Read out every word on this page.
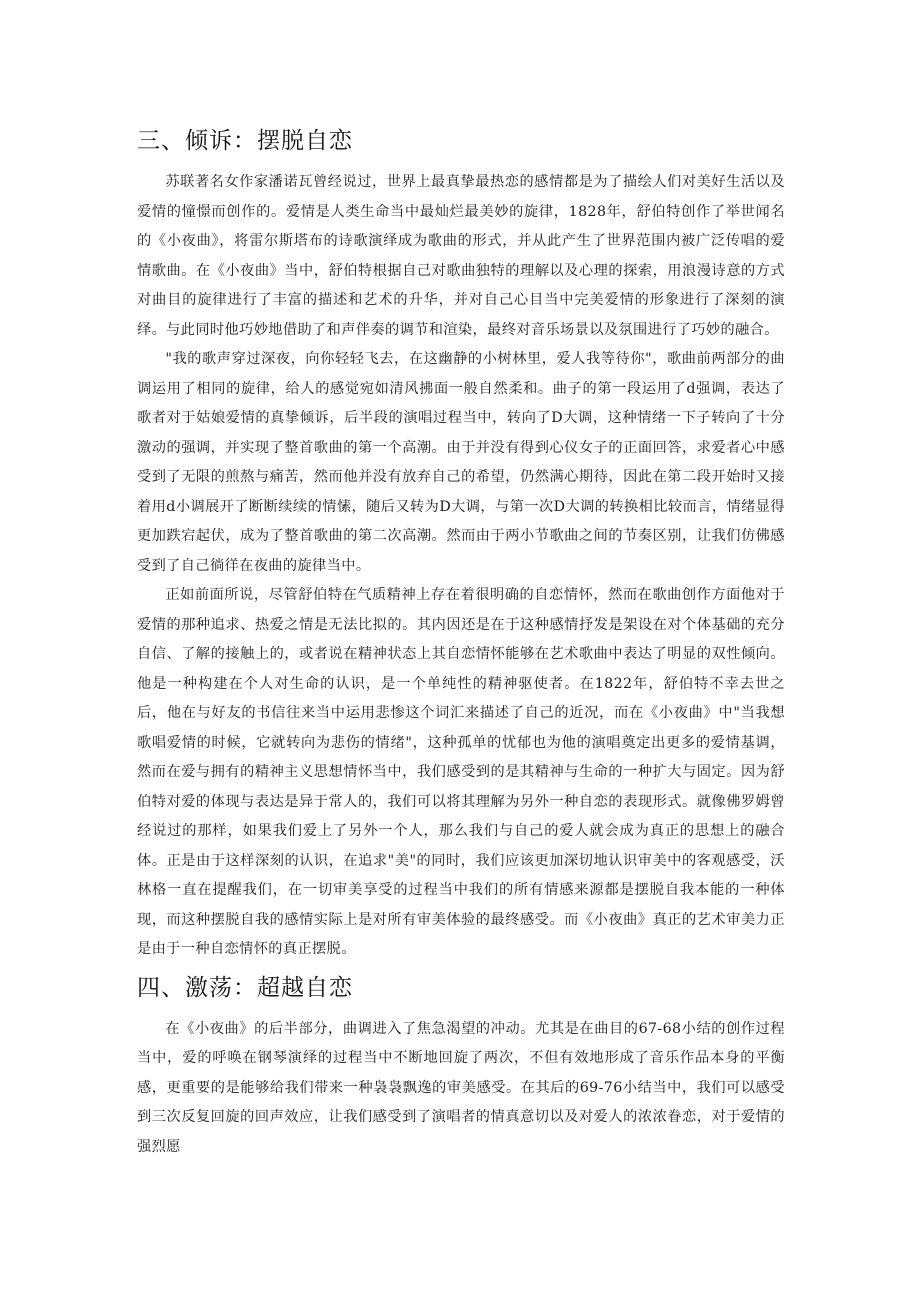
三、倾诉：摆脱自恋

苏联著名女作家潘诺瓦曾经说过，世界上最真挚最热恋的感情都是为了描绘人们对美好生活以及爱情的憧憬而创作的。爱情是人类生命当中最灿烂最美妙的旋律，1828年，舒伯特创作了举世闻名的《小夜曲》，将雷尔斯塔布的诗歌演绎成为歌曲的形式，并从此产生了世界范围内被广泛传唱的爱情歌曲。在《小夜曲》当中，舒伯特根据自己对歌曲独特的理解以及心理的探索，用浪漫诗意的方式对曲目的旋律进行了丰富的描述和艺术的升华，并对自己心目当中完美爱情的形象进行了深刻的演绎。与此同时他巧妙地借助了和声伴奏的调节和渲染，最终对音乐场景以及氛围进行了巧妙的融合。

"我的歌声穿过深夜，向你轻轻飞去，在这幽静的小树林里，爱人我等待你"，歌曲前两部分的曲调运用了相同的旋律，给人的感觉宛如清风拂面一般自然柔和。曲子的第一段运用了d强调，表达了歌者对于姑娘爱情的真挚倾诉，后半段的演唱过程当中，转向了D大调，这种情绪一下子转向了十分激动的强调，并实现了整首歌曲的第一个高潮。由于并没有得到心仪女子的正面回答，求爱者心中感受到了无限的煎熬与痛苦，然而他并没有放弃自己的希望，仍然满心期待，因此在第二段开始时又接着用d小调展开了断断续续的情愫，随后又转为D大调，与第一次D大调的转换相比较而言，情绪显得更加跌宕起伏，成为了整首歌曲的第二次高潮。然而由于两小节歌曲之间的节奏区别，让我们仿佛感受到了自己徜徉在夜曲的旋律当中。

正如前面所说，尽管舒伯特在气质精神上存在着很明确的自恋情怀，然而在歌曲创作方面他对于爱情的那种追求、热爱之情是无法比拟的。其内因还是在于这种感情抒发是架设在对个体基础的充分自信、了解的接触上的，或者说在精神状态上其自恋情怀能够在艺术歌曲中表达了明显的双性倾向。他是一种构建在个人对生命的认识，是一个单纯性的精神驱使者。在1822年，舒伯特不幸去世之后，他在与好友的书信往来当中运用悲惨这个词汇来描述了自己的近况，而在《小夜曲》中"当我想歌唱爱情的时候，它就转向为悲伤的情绪"，这种孤单的忧郁也为他的演唱奠定出更多的爱情基调，然而在爱与拥有的精神主义思想情怀当中，我们感受到的是其精神与生命的一种扩大与固定。因为舒伯特对爱的体现与表达是异于常人的，我们可以将其理解为另外一种自恋的表现形式。就像佛罗姆曾经说过的那样，如果我们爱上了另外一个人，那么我们与自己的爱人就会成为真正的思想上的融合体。正是由于这样深刻的认识，在追求"美"的同时，我们应该更加深切地认识审美中的客观感受，沃林格一直在提醒我们，在一切审美享受的过程当中我们的所有情感来源都是摆脱自我本能的一种体现，而这种摆脱自我的感情实际上是对所有审美体验的最终感受。而《小夜曲》真正的艺术审美力正是由于一种自恋情怀的真正摆脱。

四、激荡：超越自恋

在《小夜曲》的后半部分，曲调进入了焦急渴望的冲动。尤其是在曲目的67-68小结的创作过程当中，爱的呼唤在钢琴演绎的过程当中不断地回旋了两次，不但有效地形成了音乐作品本身的平衡感，更重要的是能够给我们带来一种袅袅飘逸的审美感受。在其后的69-76小结当中，我们可以感受到三次反复回旋的回声效应，让我们感受到了演唱者的情真意切以及对爱人的浓浓眷恋，对于爱情的强烈愿
